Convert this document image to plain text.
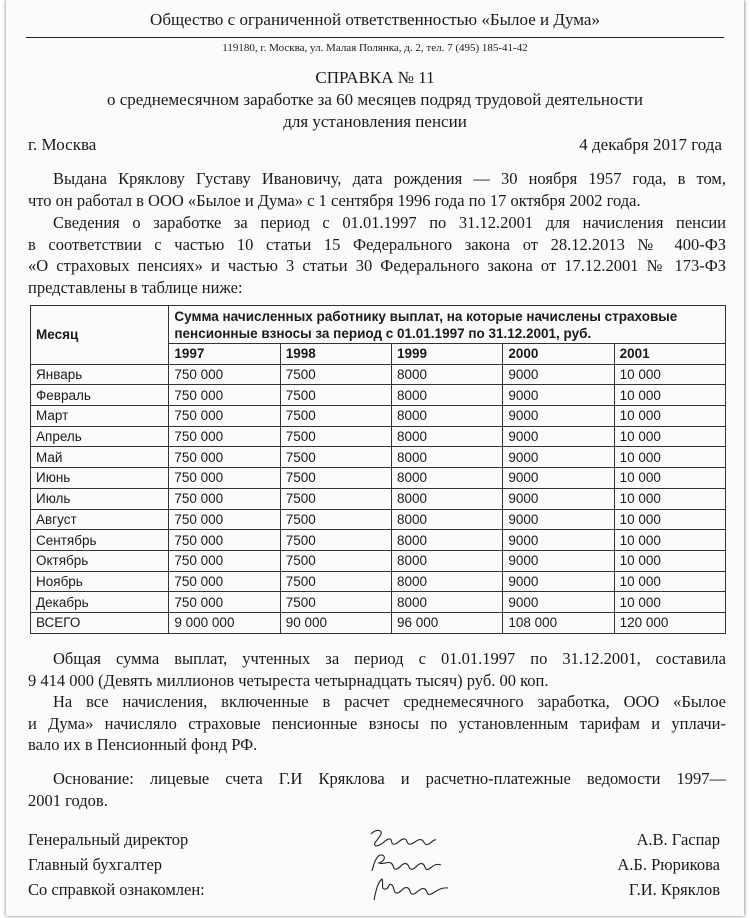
Общество с ограниченной ответственностью «Былое и Дума»
119180, г. Москва, ул. Малая Полянка, д. 2, тел. 7 (495) 185-41-42
СПРАВКА № 11
о среднемесячном заработке за 60 месяцев подряд трудовой деятельности
для установления пенсии
г. Москва	4 декабря 2017 года
Выдана Кряклову Густаву Ивановичу, дата рождения — 30 ноября 1957 года, в том,
что он работал в ООО «Былое и Дума» с 1 сентября 1996 года по 17 октября 2002 года.
Сведения о заработке за период с 01.01.1997 по 31.12.2001 для начисления пенсии
в соответствии с частью 10 статьи 15 Федерального закона от 28.12.2013 № 400-ФЗ
«О страховых пенсиях» и частью 3 статьи 30 Федерального закона от 17.12.2001 № 173-ФЗ
представлены в таблице ниже:
Месяц	Сумма начисленных работнику выплат, на которые начислены страховые пенсионные взносы за период с 01.01.1997 по 31.12.2001, руб.				
	1997	1998	1999	2000	2001
Январь	750 000	7500	8000	9000	10 000
Февраль	750 000	7500	8000	9000	10 000
Март	750 000	7500	8000	9000	10 000
Апрель	750 000	7500	8000	9000	10 000
Май	750 000	7500	8000	9000	10 000
Июнь	750 000	7500	8000	9000	10 000
Июль	750 000	7500	8000	9000	10 000
Август	750 000	7500	8000	9000	10 000
Сентябрь	750 000	7500	8000	9000	10 000
Октябрь	750 000	7500	8000	9000	10 000
Ноябрь	750 000	7500	8000	9000	10 000
Декабрь	750 000	7500	8000	9000	10 000
ВСЕГО	9 000 000	90 000	96 000	108 000	120 000
Общая сумма выплат, учтенных за период с 01.01.1997 по 31.12.2001, составила
9 414 000 (Девять миллионов четыреста четырнадцать тысяч) руб. 00 коп.
На все начисления, включенные в расчет среднемесячного заработка, ООО «Былое
и Дума» начисляло страховые пенсионные взносы по установленным тарифам и уплачи-
вало их в Пенсионный фонд РФ.
Основание: лицевые счета Г.И Кряклова и расчетно-платежные ведомости 1997—
2001 годов.
Генеральный директор	А.В. Гаспар
Главный бухгалтер	А.Б. Рюрикова
Со справкой ознакомлен:	Г.И. Кряклов
